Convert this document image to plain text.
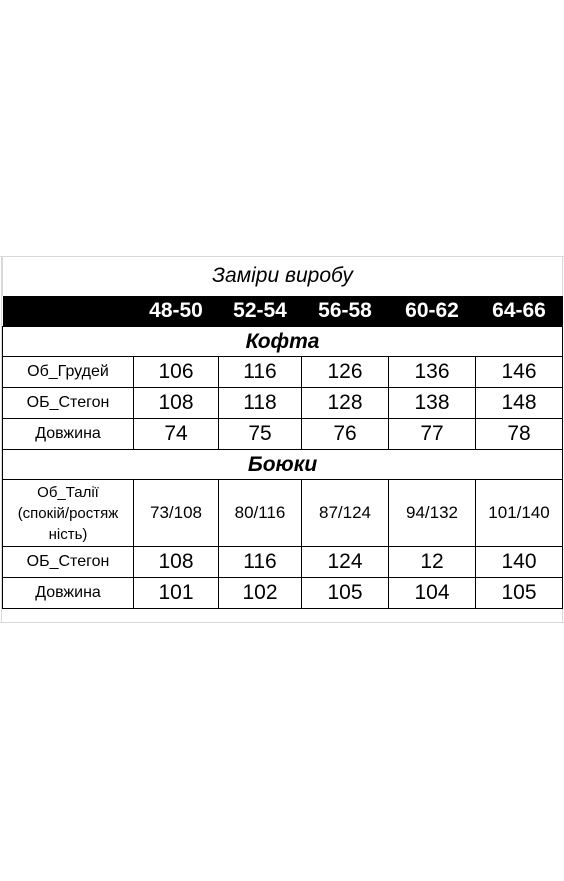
Заміри виробу					
	48-50	52-54	56-58	60-62	64-66
Кофта					
Об_Грудей	106	116	126	136	146
ОБ_Стегон	108	118	128	138	148
Довжина	74	75	76	77	78
Боюки					

Об_Талії
(спокій/ростяж
ність)	73/108	80/116	87/124	94/132	101/140
ОБ_Стегон	108	116	124	12	140
Довжина	101	102	105	104	105
